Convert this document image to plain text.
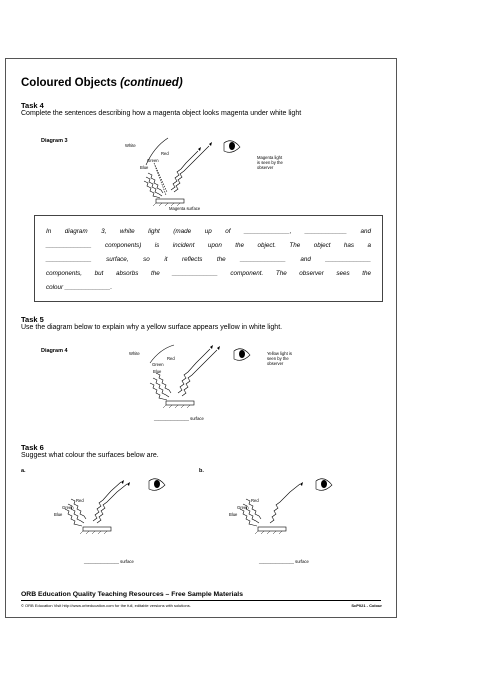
Coloured Objects (continued)
Task 4
Complete the sentences describing how a magenta object looks magenta under white light
Diagram 3
White
Red
Green
Blue
Magenta light
is seen by the
observer
Magenta surface
In diagram 3, white light (made up of _____________, ____________ and
_____________ components) is incident upon the object. The object has a
_____________ surface, so it reflects the _____________ and _____________
components, but absorbs the _____________ component. The observer sees the
colour _____________.
Task 5
Use the diagram below to explain why a yellow surface appears yellow in white light.
Diagram 4	White
Red
Green
Blue
Yellow light is
seen by the
observer
_______________ surface
Task 6
Suggest what colour the surfaces below are.
a.	b.
Red
Green
Blue
_______________ surface
Red
Green
Blue
_______________ surface
ORB Education Quality Teaching Resources – Free Sample Materials
© ORB Education Visit http://www.orbeducation.com for the full, editable versions with solutions.	ScP021 - Colour
